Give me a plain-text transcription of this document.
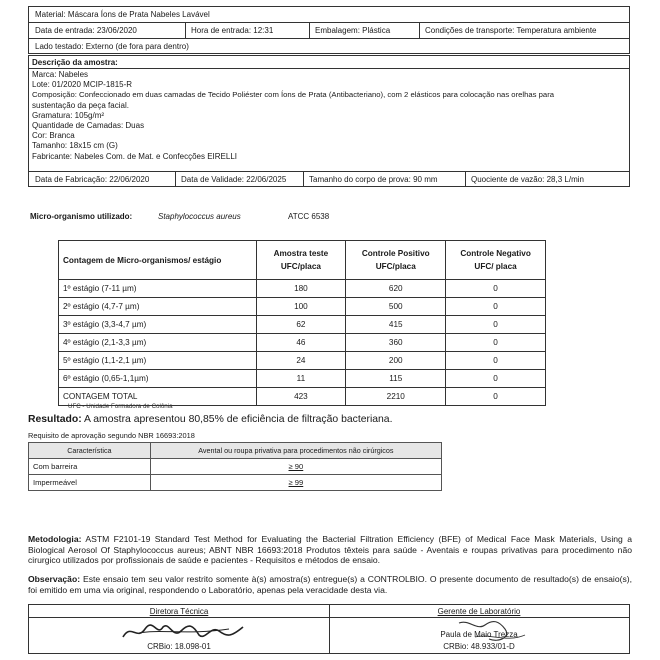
Material: Máscara Íons de Prata Nabeles Lavável
Data de entrada: 23/06/2020	Hora de entrada: 12:31	Embalagem: Plástica	Condições de transporte: Temperatura ambiente
Lado testado: Externo (de fora para dentro)
Descrição da amostra:

Marca: Nabeles

Lote: 01/2020 MCIP-1815-R

Composição: Confeccionado em duas camadas de Tecido Poliéster com Íons de Prata (Antibacteriano), com 2 elásticos para colocação nas orelhas para

sustentação da peça facial.

Gramatura: 105g/m²

Quantidade de Camadas: Duas

Cor: Branca

Tamanho: 18x15 cm (G)

Fabricante: Nabeles Com. de Mat. e Confecções EIRELLI

Data de Fabricação: 22/06/2020	Data de Validade: 22/06/2025	Tamanho do corpo de prova: 90 mm	Quociente de vazão: 28,3 L/min
Micro-organismo utilizado:	Staphylococcus aureus	ATCC 6538
Contagem de Micro-organismos/ estágio	Amostra teste UFC/placa	Controle Positivo UFC/placa	Controle Negativo UFC/ placa
1º estágio (7-11 µm)	180	620	0
2º estágio (4,7-7 µm)	100	500	0
3º estágio (3,3-4,7 µm)	62	415	0
4º estágio (2,1-3,3 µm)	46	360	0
5º estágio (1,1-2,1 µm)	24	200	0
6º estágio (0,65-1,1µm)	11	115	0
CONTAGEM TOTAL	423	2210	0
UFC - Unidade Formadora de Colônia
Resultado: A amostra apresentou 80,85% de eficiência de filtração bacteriana.
Requisito de aprovação segundo NBR 16693:2018
Característica	Avental ou roupa privativa para procedimentos não cirúrgicos
Com barreira	≥ 90
Impermeável	≥ 99
Metodologia: ASTM F2101-19 Standard Test Method for Evaluating the Bacterial Filtration Efficiency (BFE) of Medical Face Mask Materials, Using a Biological Aerosol Of Staphylococcus aureus; ABNT NBR 16693:2018 Produtos têxteis para saúde - Aventais e roupas privativas para procedimento não cirurgico utilizados por profissionais de saúde e pacientes - Requisitos e métodos de ensaio.
Observação: Este ensaio tem seu valor restrito somente à(s) amostra(s) entregue(s) a CONTROLBIO. O presente documento de resultado(s) de ensaio(s), foi emitido em uma via original, respondendo o Laboratório, apenas pela veracidade desta via.
Diretora Técnica	Gerente de Laboratório
CRBio: 18.098-01
Paula de Maio Trezza
CRBio: 48.933/01-D
